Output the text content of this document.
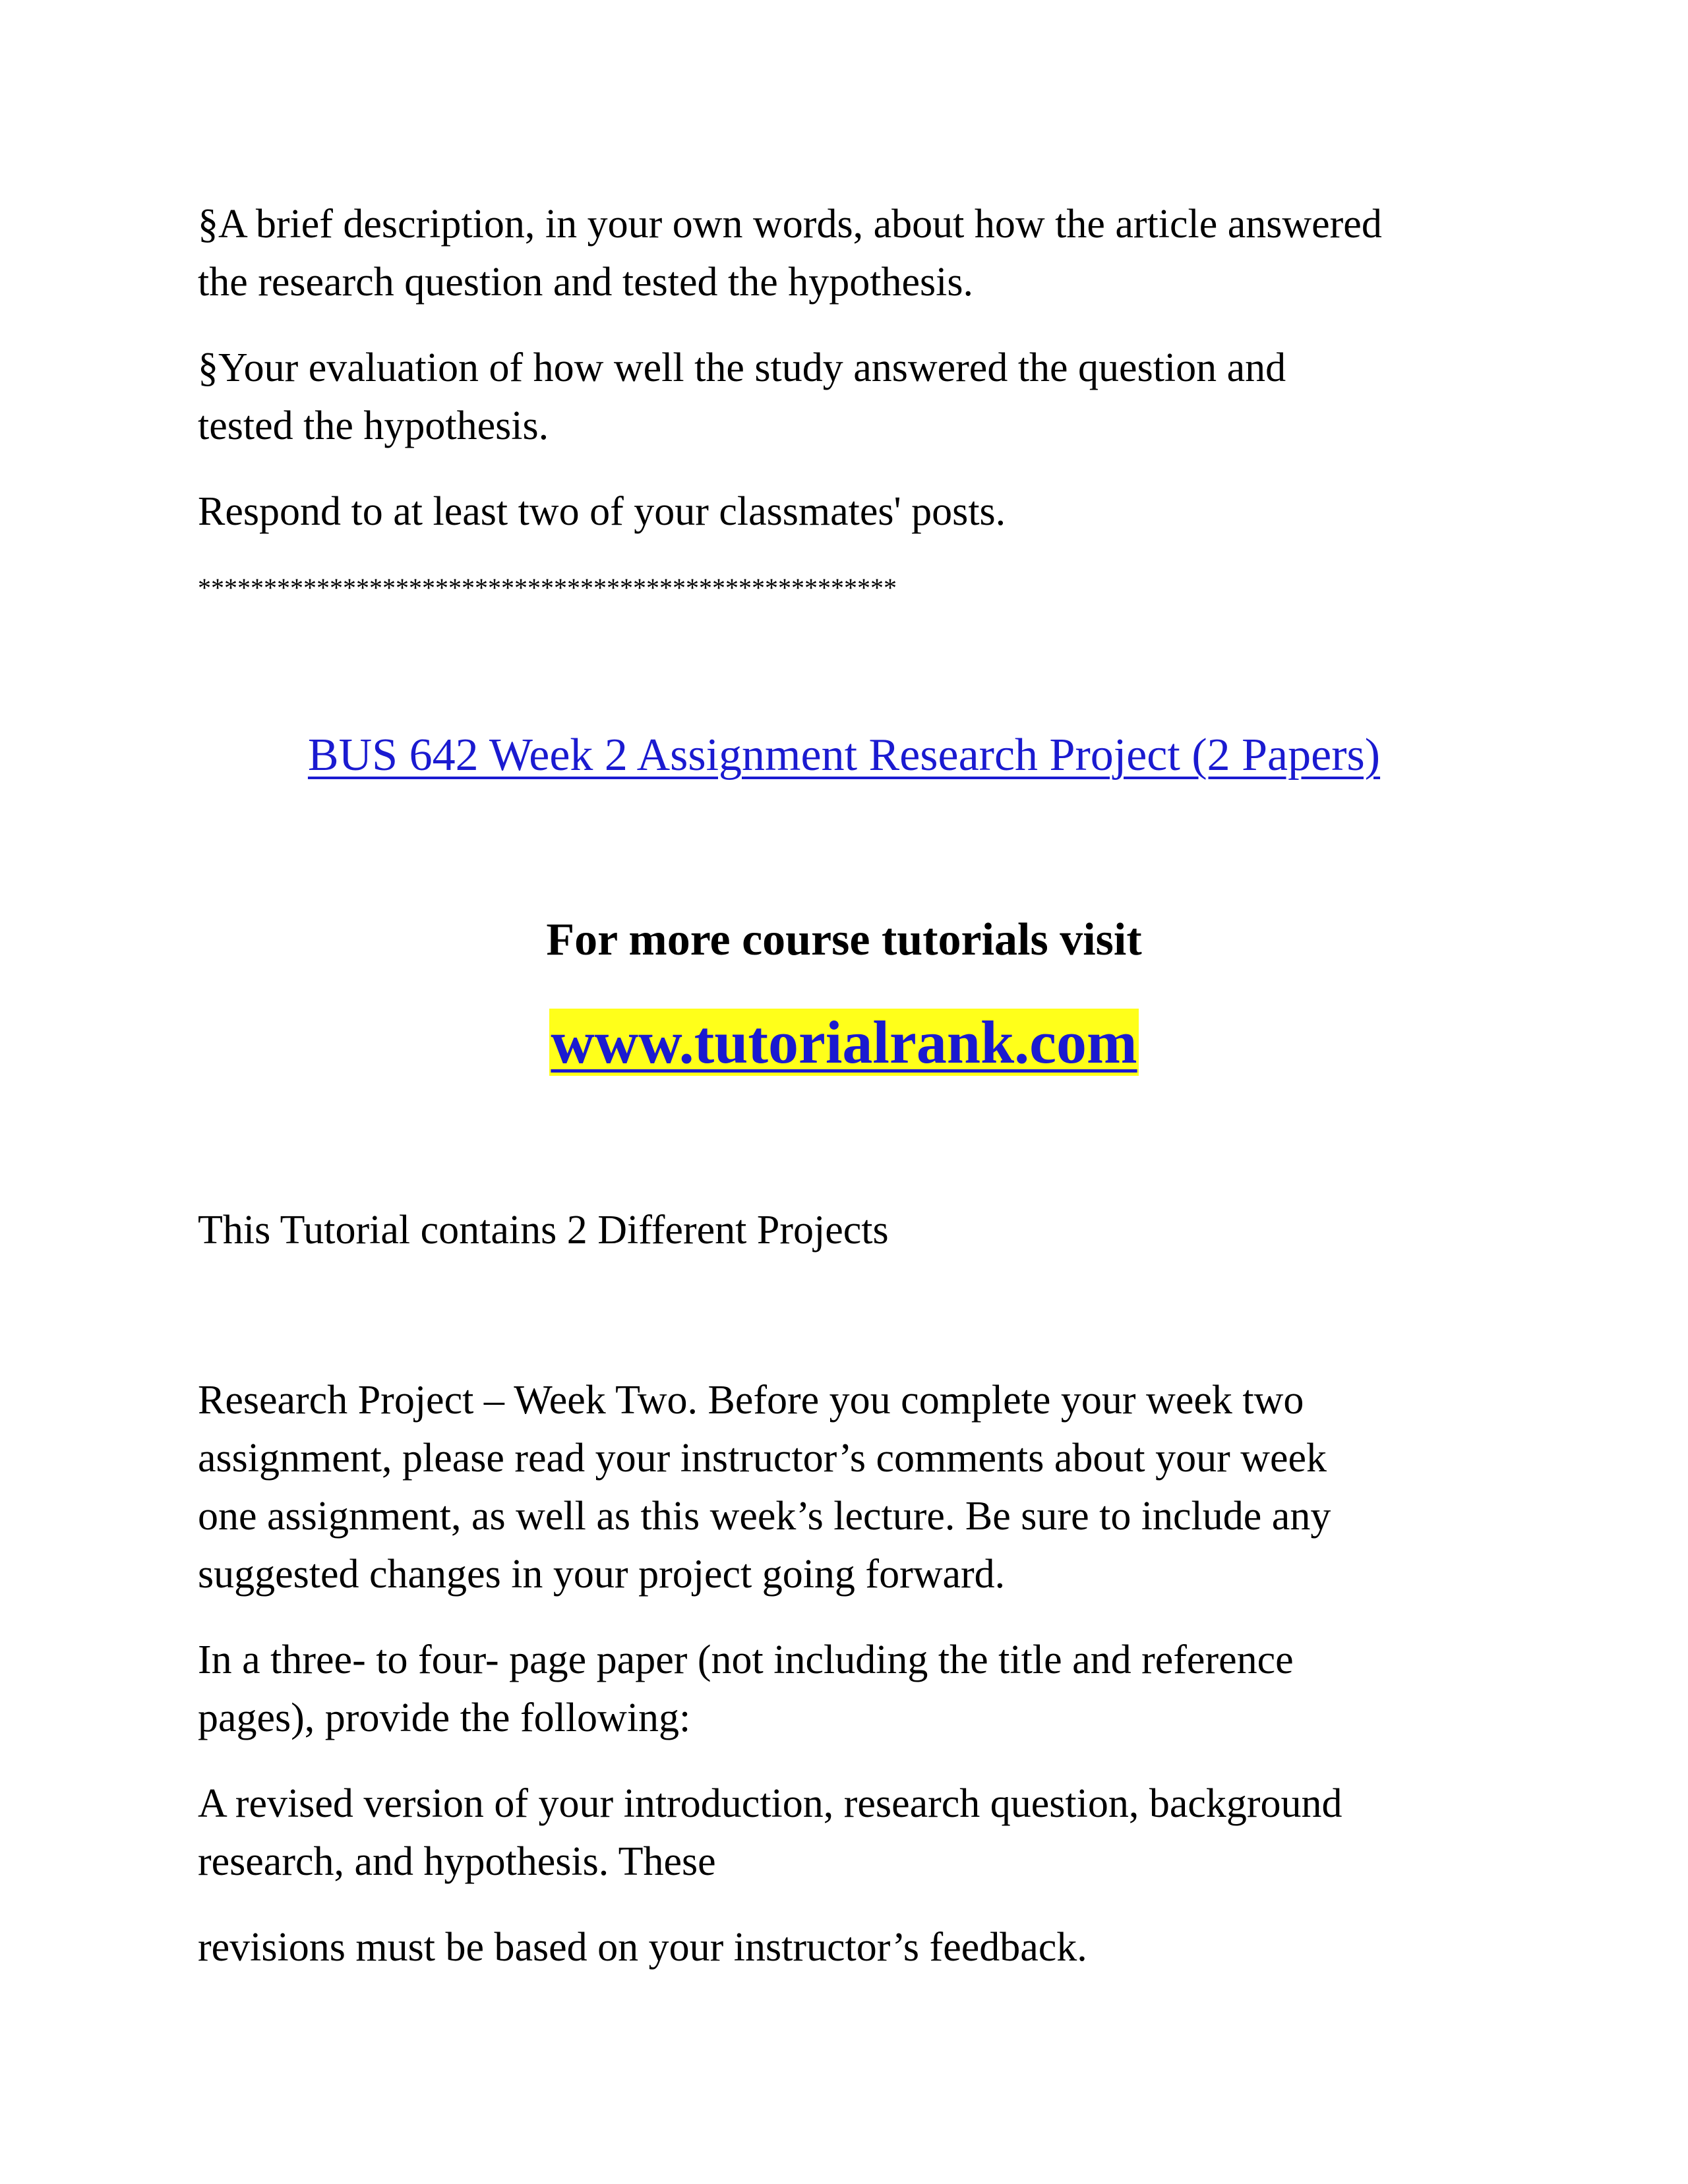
§A brief description, in your own words, about how the article answered

the research question and tested the hypothesis.

§Your evaluation of how well the study answered the question and

tested the hypothesis.

Respond to at least two of your classmates' posts.

*****************************************************
BUS 642 Week 2 Assignment Research Project (2 Papers)
For more course tutorials visit
www.tutorialrank.com

This Tutorial contains 2 Different Projects

Research Project – Week Two. Before you complete your week two

assignment, please read your instructor’s comments about your week

one assignment, as well as this week’s lecture. Be sure to include any

suggested changes in your project going forward.

In a three- to four- page paper (not including the title and reference

pages), provide the following:

A revised version of your introduction, research question, background

research, and hypothesis. These

revisions must be based on your instructor’s feedback.
